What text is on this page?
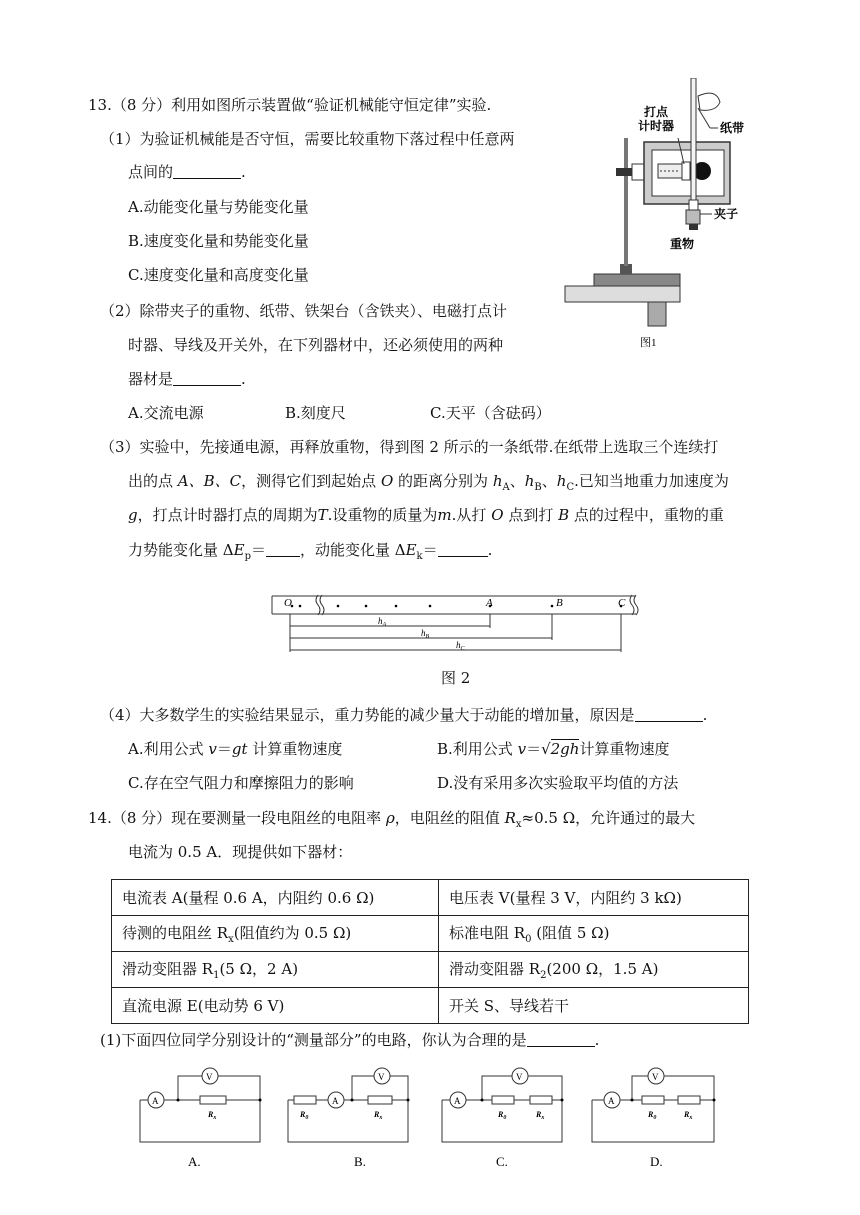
13.（8 分）利用如图所示装置做“验证机械能守恒定律”实验.
（1）为验证机械能是否守恒，需要比较重物下落过程中任意两
点间的	.
A.动能变化量与势能变化量
B.速度变化量和势能变化量
C.速度变化量和高度变化量
（2）除带夹子的重物、纸带、铁架台（含铁夹）、电磁打点计
时器、导线及开关外，在下列器材中，还必须使用的两种
器材是	.
A.交流电源	B.刻度尺	C.天平（含砝码）
（3）实验中，先接通电源，再释放重物，得到图 2 所示的一条纸带.在纸带上选取三个连续打
出的点 A、B、C，测得它们到起始点 O 的距离分别为 $h_A$、$h_B$、$h_C$.已知当地重力加速度为
g，打点计时器打点的周期为T.设重物的质量为m.从打 O 点到打 B 点的过程中，重物的重
力势能变化量 $\Delta E_p=$ ，动能变化量 $\Delta E_k=$	.
打点
计时器	纸带
夹子
重物
图1
O	A	B	C
$h_A$
$h_B$
$h_C$
图 2
（4）大多数学生的实验结果显示，重力势能的减少量大于动能的增加量，原因是	.
A.利用公式 v＝gt 计算重物速度	B.利用公式 v＝√2gh计算重物速度
C.存在空气阻力和摩擦阻力的影响	D.没有采用多次实验取平均值的方法
14.（8 分）现在要测量一段电阻丝的电阻率 ρ，电阻丝的阻值 $R_x\approx 0.5$ Ω，允许通过的最大
电流为 0.5 A．现提供如下器材：
电流表 A(量程 0.6 A，内阻约 0.6 Ω)	电压表 V(量程 3 V，内阻约 3 kΩ)
待测的电阻丝 $R_x$(阻值约为 0.5 Ω)	标准电阻 $R_0$ (阻值 5 Ω)
滑动变阻器 $R_1(5$ Ω，2 A)	滑动变阻器 $R_2(200$ Ω，1.5 A)
直流电源 E(电动势 6 V)	开关 S、导线若干
(1)下面四位同学分别设计的“测量部分”的电路，你认为合理的是	.
A
V
$R_x$
A.
A
V
$R_0$	$R_x$
B.
A
V
$R_0$	$R_x$
C.
A
V
$R_0$	$R_x$
D.
